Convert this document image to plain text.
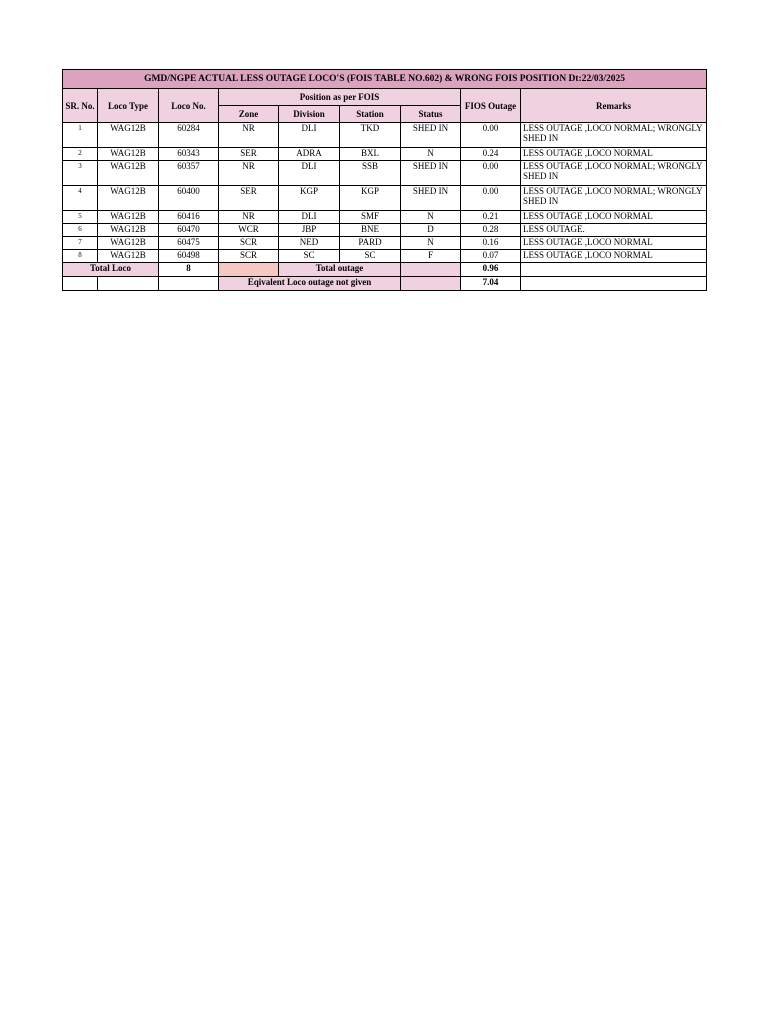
GMD/NGPE ACTUAL LESS OUTAGE LOCO'S (FOIS TABLE NO.602) & WRONG FOIS POSITION Dt:22/03/2025								
SR. No.	Loco Type	Loco No.	Position as per FOIS				FIOS Outage	Remarks
			Zone	Division	Station	Status		
1	WAG12B	60284	NR	DLI	TKD	SHED IN	0.00	LESS OUTAGE ,LOCO NORMAL; WRONGLY SHED IN
2	WAG12B	60343	SER	ADRA	BXL	N	0.24	LESS OUTAGE ,LOCO NORMAL
3	WAG12B	60357	NR	DLI	SSB	SHED IN	0.00	LESS OUTAGE ,LOCO NORMAL; WRONGLY SHED IN
4	WAG12B	60400	SER	KGP	KGP	SHED IN	0.00	LESS OUTAGE ,LOCO NORMAL; WRONGLY SHED IN
5	WAG12B	60416	NR	DLI	SMF	N	0.21	LESS OUTAGE ,LOCO NORMAL
6	WAG12B	60470	WCR	JBP	BNE	D	0.28	LESS OUTAGE.
7	WAG12B	60475	SCR	NED	PARD	N	0.16	LESS OUTAGE ,LOCO NORMAL
8	WAG12B	60498	SCR	SC	SC	F	0.07	LESS OUTAGE ,LOCO NORMAL
Total Loco		8		Total outage			0.96	
			Eqivalent Loco outage not given				7.04	
